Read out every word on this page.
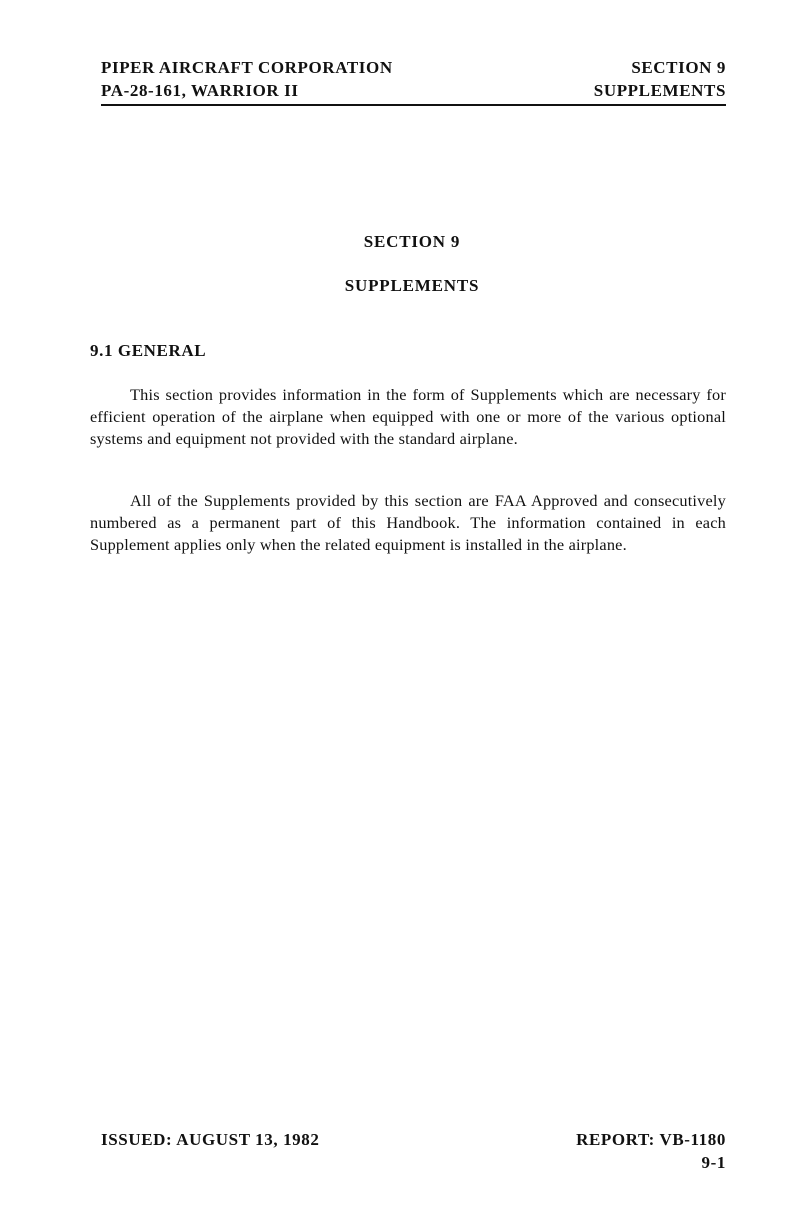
PIPER AIRCRAFT CORPORATION
PA-28-161, WARRIOR II
SECTION 9
SUPPLEMENTS
SECTION 9
SUPPLEMENTS
9.1 GENERAL

This section provides information in the form of Supplements which are necessary for efficient operation of the airplane when equipped with one or more of the various optional systems and equipment not provided with the standard airplane.

All of the Supplements provided by this section are FAA Approved and consecutively numbered as a permanent part of this Handbook. The information contained in each Supplement applies only when the related equipment is installed in the airplane.

ISSUED: AUGUST 13, 1982	REPORT: VB-1180
9-1
